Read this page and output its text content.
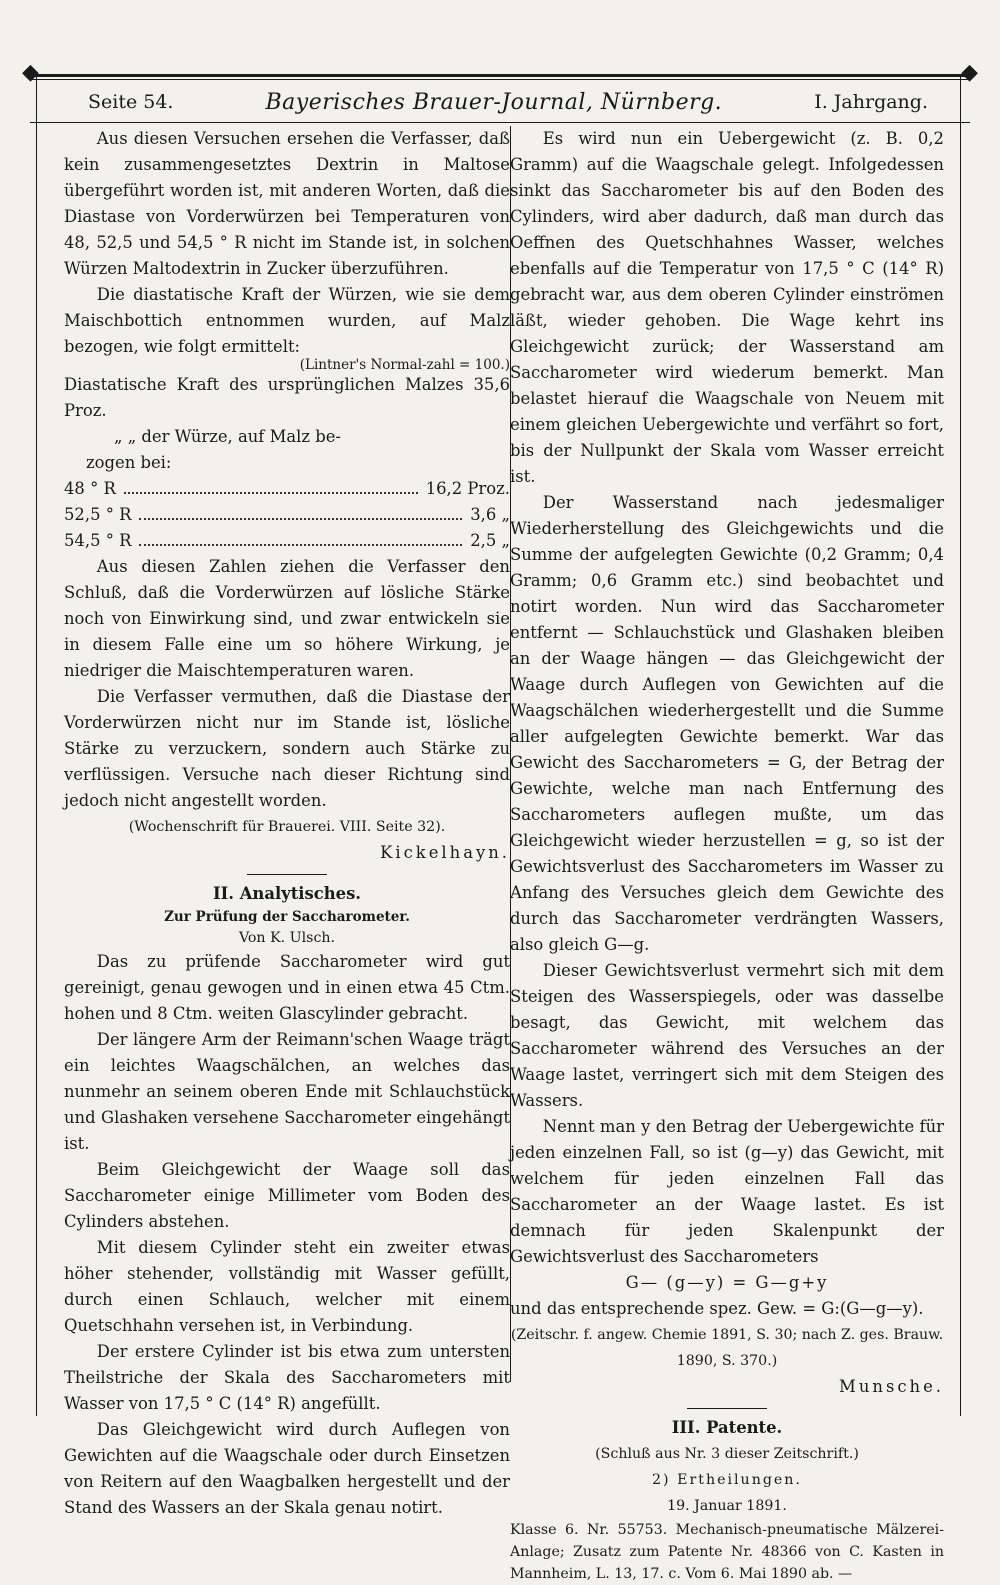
◆	◆
Seite 54.	Bayerisches Brauer-Journal, Nürnberg.	I. Jahrgang.

Aus diesen Versuchen ersehen die Verfasser, daß kein zusammengesetztes Dextrin in Maltose übergeführt worden ist, mit anderen Worten, daß die Diastase von Vorderwürzen bei Temperaturen von 48, 52,5 und 54,5 ° R nicht im Stande ist, in solchen Würzen Maltodextrin in Zucker überzuführen.

Die diastatische Kraft der Würzen, wie sie dem Maischbottich entnommen wurden, auf Malz bezogen, wie folgt ermittelt:

(Lintner's Normal-zahl = 100.)

Diastatische Kraft des ursprünglichen Malzes 35,6 Proz.

„ „ der Würze, auf Malz be-

zogen bei:

48 ° R	16,2 Proz.
52,5 ° R	3,6 „
54,5 ° R	2,5 „

Aus diesen Zahlen ziehen die Verfasser den Schluß, daß die Vorderwürzen auf lösliche Stärke noch von Einwirkung sind, und zwar entwickeln sie in diesem Falle eine um so höhere Wirkung, je niedriger die Maischtemperaturen waren.

Die Verfasser vermuthen, daß die Diastase der Vorderwürzen nicht nur im Stande ist, lösliche Stärke zu verzuckern, sondern auch Stärke zu verflüssigen. Versuche nach dieser Richtung sind jedoch nicht angestellt worden.

(Wochenschrift für Brauerei. VIII. Seite 32).

Kickelhayn.

II. Analytisches.

Zur Prüfung der Saccharometer.

Von K. Ulsch.

Das zu prüfende Saccharometer wird gut gereinigt, genau gewogen und in einen etwa 45 Ctm. hohen und 8 Ctm. weiten Glascylinder gebracht.

Der längere Arm der Reimann'schen Waage trägt ein leichtes Waagschälchen, an welches das nunmehr an seinem oberen Ende mit Schlauchstück und Glashaken versehene Saccharometer eingehängt ist.

Beim Gleichgewicht der Waage soll das Saccharometer einige Millimeter vom Boden des Cylinders abstehen.

Mit diesem Cylinder steht ein zweiter etwas höher stehender, vollständig mit Wasser gefüllt, durch einen Schlauch, welcher mit einem Quetschhahn versehen ist, in Verbindung.

Der erstere Cylinder ist bis etwa zum untersten Theilstriche der Skala des Saccharometers mit Wasser von 17,5 ° C (14° R) angefüllt.

Das Gleichgewicht wird durch Auflegen von Gewichten auf die Waagschale oder durch Einsetzen von Reitern auf den Waagbalken hergestellt und der Stand des Wassers an der Skala genau notirt.

Es wird nun ein Uebergewicht (z. B. 0,2 Gramm) auf die Waagschale gelegt. Infolgedessen sinkt das Saccharometer bis auf den Boden des Cylinders, wird aber dadurch, daß man durch das Oeffnen des Quetschhahnes Wasser, welches ebenfalls auf die Temperatur von 17,5 ° C (14° R) gebracht war, aus dem oberen Cylinder einströmen läßt, wieder gehoben. Die Wage kehrt ins Gleichgewicht zurück; der Wasserstand am Saccharometer wird wiederum bemerkt. Man belastet hierauf die Waagschale von Neuem mit einem gleichen Uebergewichte und verfährt so fort, bis der Nullpunkt der Skala vom Wasser erreicht ist.

Der Wasserstand nach jedesmaliger Wiederherstellung des Gleichgewichts und die Summe der aufgelegten Gewichte (0,2 Gramm; 0,4 Gramm; 0,6 Gramm etc.) sind beobachtet und notirt worden. Nun wird das Saccharometer entfernt — Schlauchstück und Glashaken bleiben an der Waage hängen — das Gleichgewicht der Waage durch Auflegen von Gewichten auf die Waagschälchen wiederhergestellt und die Summe aller aufgelegten Gewichte bemerkt. War das Gewicht des Saccharometers = G, der Betrag der Gewichte, welche man nach Entfernung des Saccharometers auflegen mußte, um das Gleichgewicht wieder herzustellen = g, so ist der Gewichtsverlust des Saccharometers im Wasser zu Anfang des Versuches gleich dem Gewichte des durch das Saccharometer verdrängten Wassers, also gleich G—g.

Dieser Gewichtsverlust vermehrt sich mit dem Steigen des Wasserspiegels, oder was dasselbe besagt, das Gewicht, mit welchem das Saccharometer während des Versuches an der Waage lastet, verringert sich mit dem Steigen des Wassers.

Nennt man y den Betrag der Uebergewichte für jeden einzelnen Fall, so ist (g—y) das Gewicht, mit welchem für jeden einzelnen Fall das Saccharometer an der Waage lastet. Es ist demnach für jeden Skalenpunkt der Gewichtsverlust des Saccharometers

G— (g—y) = G—g+y

und das entsprechende spez. Gew. = G:(G—g—y).

(Zeitschr. f. angew. Chemie 1891, S. 30; nach Z. ges. Brauw. 1890, S. 370.)

Munsche.

III. Patente.

(Schluß aus Nr. 3 dieser Zeitschrift.)

2) Ertheilungen.

19. Januar 1891.

Klasse 6. Nr. 55753. Mechanisch-pneumatische Mälzerei-Anlage; Zusatz zum Patente Nr. 48366 von C. Kasten in Mannheim, L. 13, 17. c. Vom 6. Mai 1890 ab. —
